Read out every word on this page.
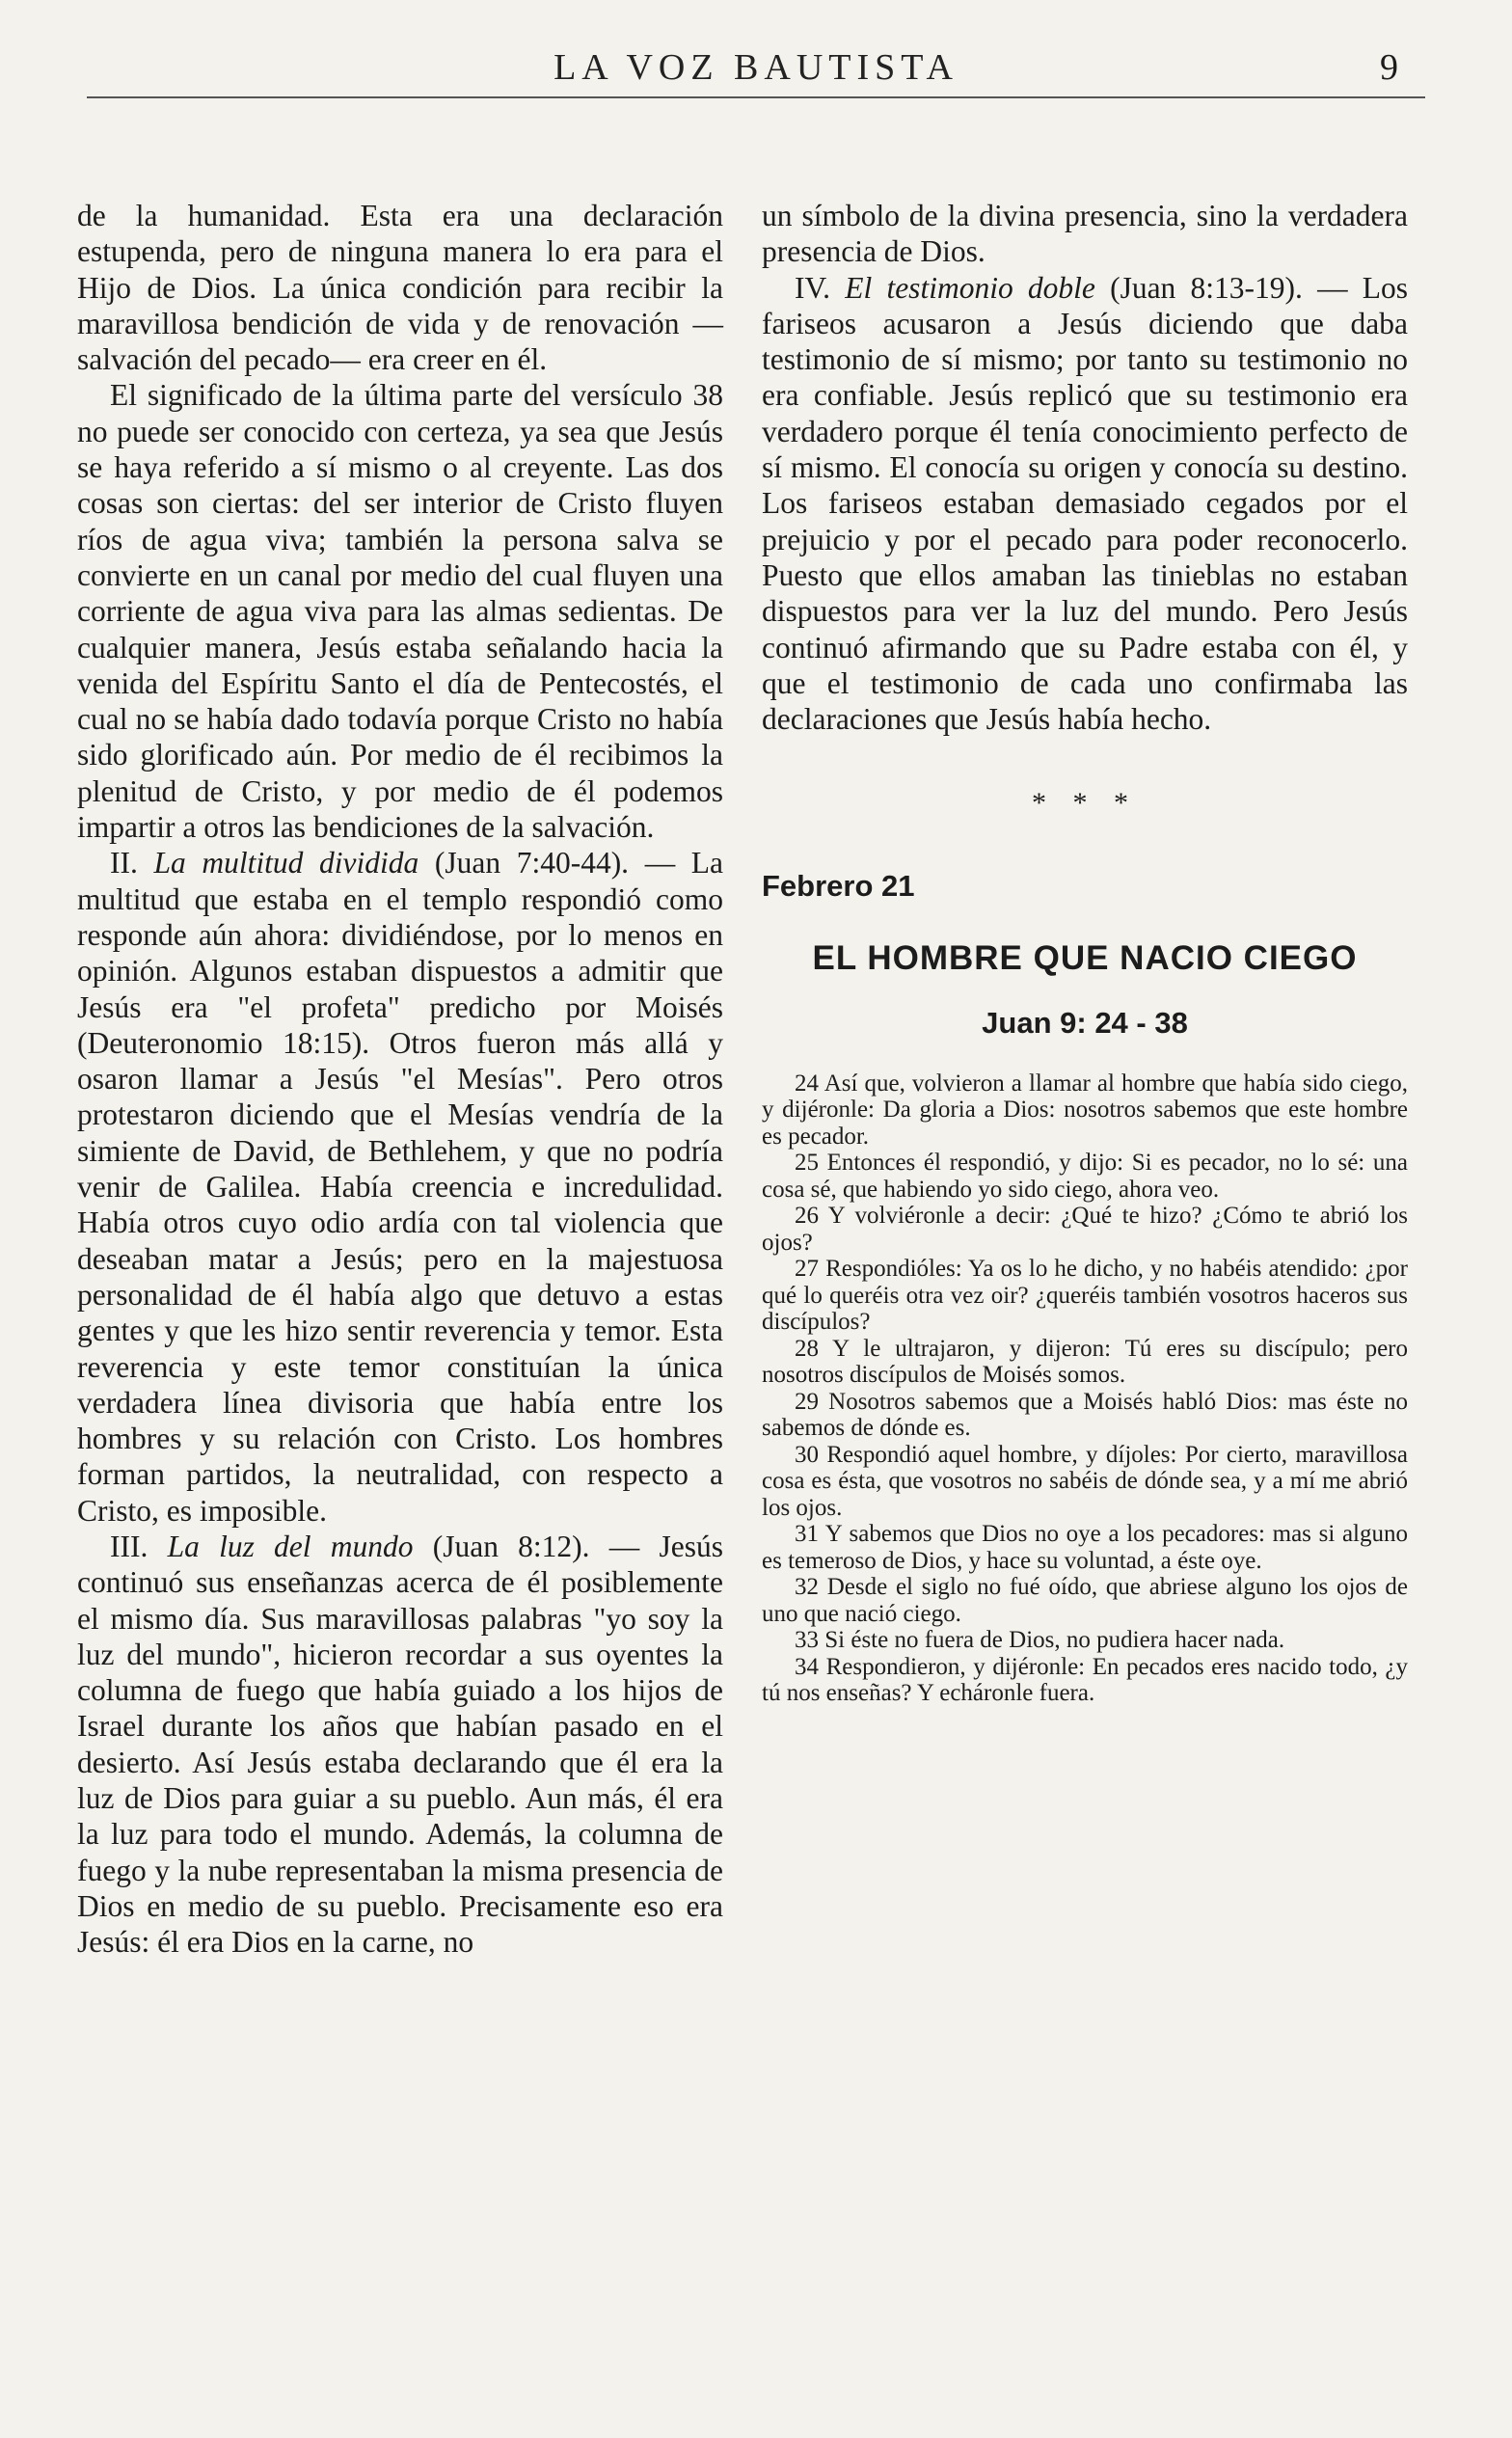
LA VOZ BAUTISTA	9

de la humanidad. Esta era una declaración estupenda, pero de ninguna manera lo era para el Hijo de Dios. La única condición para recibir la maravillosa bendición de vida y de renovación —salvación del pecado— era creer en él.

El significado de la última parte del versículo 38 no puede ser conocido con certeza, ya sea que Jesús se haya referido a sí mismo o al creyente. Las dos cosas son ciertas: del ser interior de Cristo fluyen ríos de agua viva; también la persona salva se convierte en un canal por medio del cual fluyen una corriente de agua viva para las almas sedientas. De cualquier manera, Jesús estaba señalando hacia la venida del Espíritu Santo el día de Pentecostés, el cual no se había dado todavía porque Cristo no había sido glorificado aún. Por medio de él recibimos la plenitud de Cristo, y por medio de él podemos impartir a otros las bendiciones de la salvación.

II. La multitud dividida (Juan 7:40-44). — La multitud que estaba en el templo respondió como responde aún ahora: dividiéndose, por lo menos en opinión. Algunos estaban dispuestos a admitir que Jesús era "el profeta" predicho por Moisés (Deuteronomio 18:15). Otros fueron más allá y osaron llamar a Jesús "el Mesías". Pero otros protestaron diciendo que el Mesías vendría de la simiente de David, de Bethlehem, y que no podría venir de Galilea. Había creencia e incredulidad. Había otros cuyo odio ardía con tal violencia que deseaban matar a Jesús; pero en la majestuosa personalidad de él había algo que detuvo a estas gentes y que les hizo sentir reverencia y temor. Esta reverencia y este temor constituían la única verdadera línea divisoria que había entre los hombres y su relación con Cristo. Los hombres forman partidos, la neutralidad, con respecto a Cristo, es imposible.

III. La luz del mundo (Juan 8:12). — Jesús continuó sus enseñanzas acerca de él posiblemente el mismo día. Sus maravillosas palabras "yo soy la luz del mundo", hicieron recordar a sus oyentes la columna de fuego que había guiado a los hijos de Israel durante los años que habían pasado en el desierto. Así Jesús estaba declarando que él era la luz de Dios para guiar a su pueblo. Aun más, él era la luz para todo el mundo. Además, la columna de fuego y la nube representaban la misma presencia de Dios en medio de su pueblo. Precisamente eso era Jesús: él era Dios en la carne, no

un símbolo de la divina presencia, sino la verdadera presencia de Dios.

IV. El testimonio doble (Juan 8:13-19). — Los fariseos acusaron a Jesús diciendo que daba testimonio de sí mismo; por tanto su testimonio no era confiable. Jesús replicó que su testimonio era verdadero porque él tenía conocimiento perfecto de sí mismo. El conocía su origen y conocía su destino. Los fariseos estaban demasiado cegados por el prejuicio y por el pecado para poder reconocerlo. Puesto que ellos amaban las tinieblas no estaban dispuestos para ver la luz del mundo. Pero Jesús continuó afirmando que su Padre estaba con él, y que el testimonio de cada uno confirmaba las declaraciones que Jesús había hecho.

* * *
Febrero 21
EL HOMBRE QUE NACIO CIEGO
Juan 9: 24 - 38

24 Así que, volvieron a llamar al hombre que había sido ciego, y dijéronle: Da gloria a Dios: nosotros sabemos que este hombre es pecador.

25 Entonces él respondió, y dijo: Si es pecador, no lo sé: una cosa sé, que habiendo yo sido ciego, ahora veo.

26 Y volviéronle a decir: ¿Qué te hizo? ¿Cómo te abrió los ojos?

27 Respondióles: Ya os lo he dicho, y no habéis atendido: ¿por qué lo queréis otra vez oir? ¿queréis también vosotros haceros sus discípulos?

28 Y le ultrajaron, y dijeron: Tú eres su discípulo; pero nosotros discípulos de Moisés somos.

29 Nosotros sabemos que a Moisés habló Dios: mas éste no sabemos de dónde es.

30 Respondió aquel hombre, y díjoles: Por cierto, maravillosa cosa es ésta, que vosotros no sabéis de dónde sea, y a mí me abrió los ojos.

31 Y sabemos que Dios no oye a los pecadores: mas si alguno es temeroso de Dios, y hace su voluntad, a éste oye.

32 Desde el siglo no fué oído, que abriese alguno los ojos de uno que nació ciego.

33 Si éste no fuera de Dios, no pudiera hacer nada.

34 Respondieron, y dijéronle: En pecados eres nacido todo, ¿y tú nos enseñas? Y echáronle fuera.
